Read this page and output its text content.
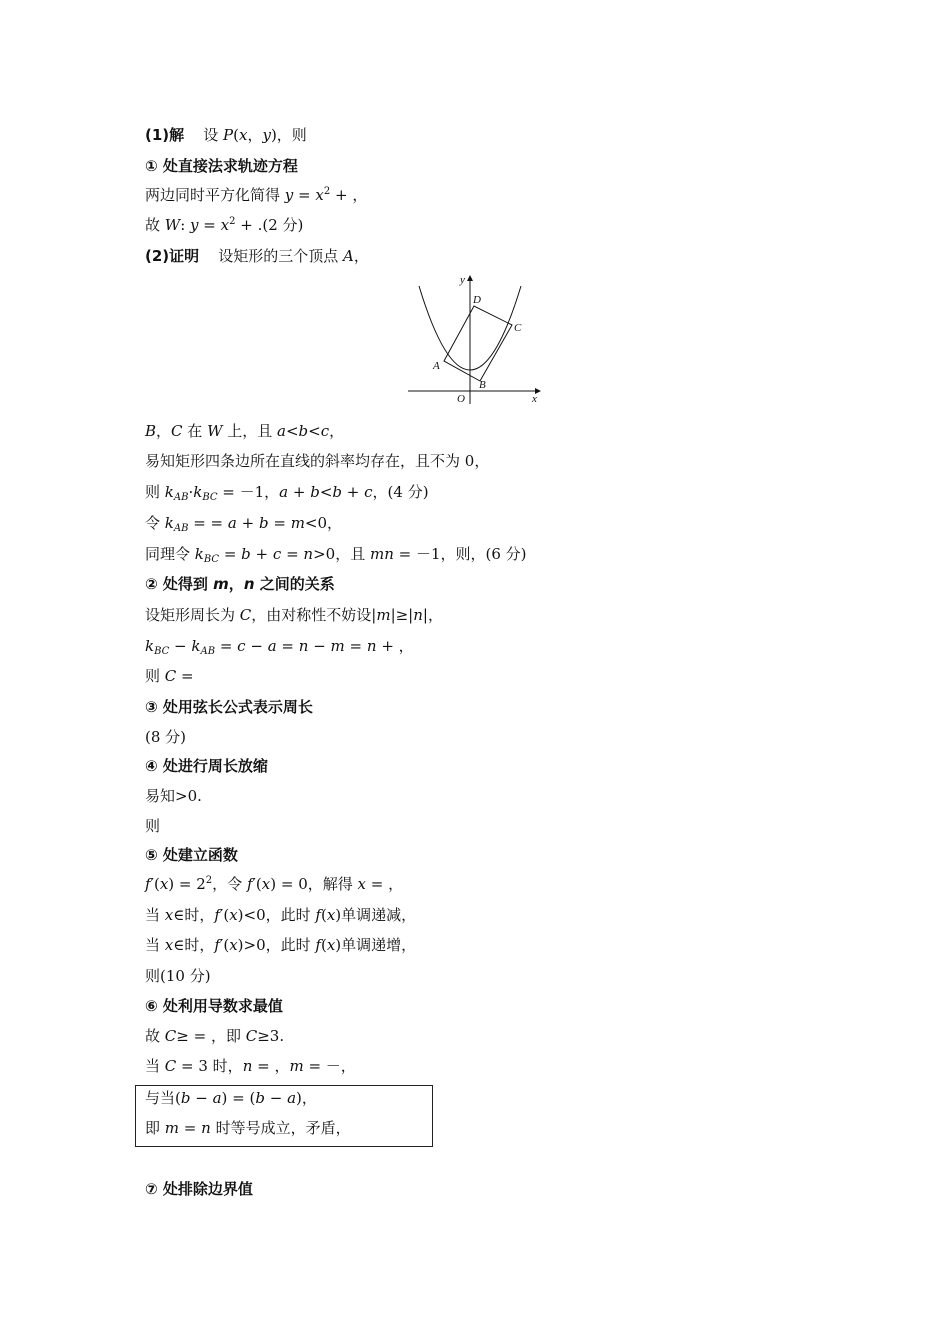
(1)解 设 P(x，y)，则
① 处直接法求轨迹方程
两边同时平方化简得 $y = x^2$ + ，
故 W: $y = x^2 + .(2$ 分)
(2)证明 设矩形的三个顶点 A，
y
x
O
A
B
C
D
B，C 在 W 上，且 a<b<c，
易知矩形四条边所在直线的斜率均存在，且不为 0，
则 $k_{AB}\cdot k_{BC} = -1$，a + b<b + c，(4 分)
令 $k_{AB}$ = = a + b = m<0，
同理令 $k_{BC} = b + c = n>0$，且 mn = －1，则，(6 分)
② 处得到 m，n 之间的关系
设矩形周长为 C，由对称性不妨设|m|≥|n|，
$k_{BC} - k_{AB} = c - a = n - m = n$ + ，
则 C =
③ 处用弦长公式表示周长
(8 分)
④ 处进行周长放缩
易知>0.
则
⑤ 处建立函数
$f'(x) = 2^2$，令 f′(x) = 0，解得 x = ，
当 x∈时，f′(x)<0，此时 f(x)单调递减，
当 x∈时，f′(x)>0，此时 f(x)单调递增，
则(10 分)
⑥ 处利用导数求最值
故 C≥ = ，即 C≥3.
当 C = 3 时，n = ，m = －，
与当(b − a) = (b − a)，
即 m = n 时等号成立，矛盾，
⑦ 处排除边界值
